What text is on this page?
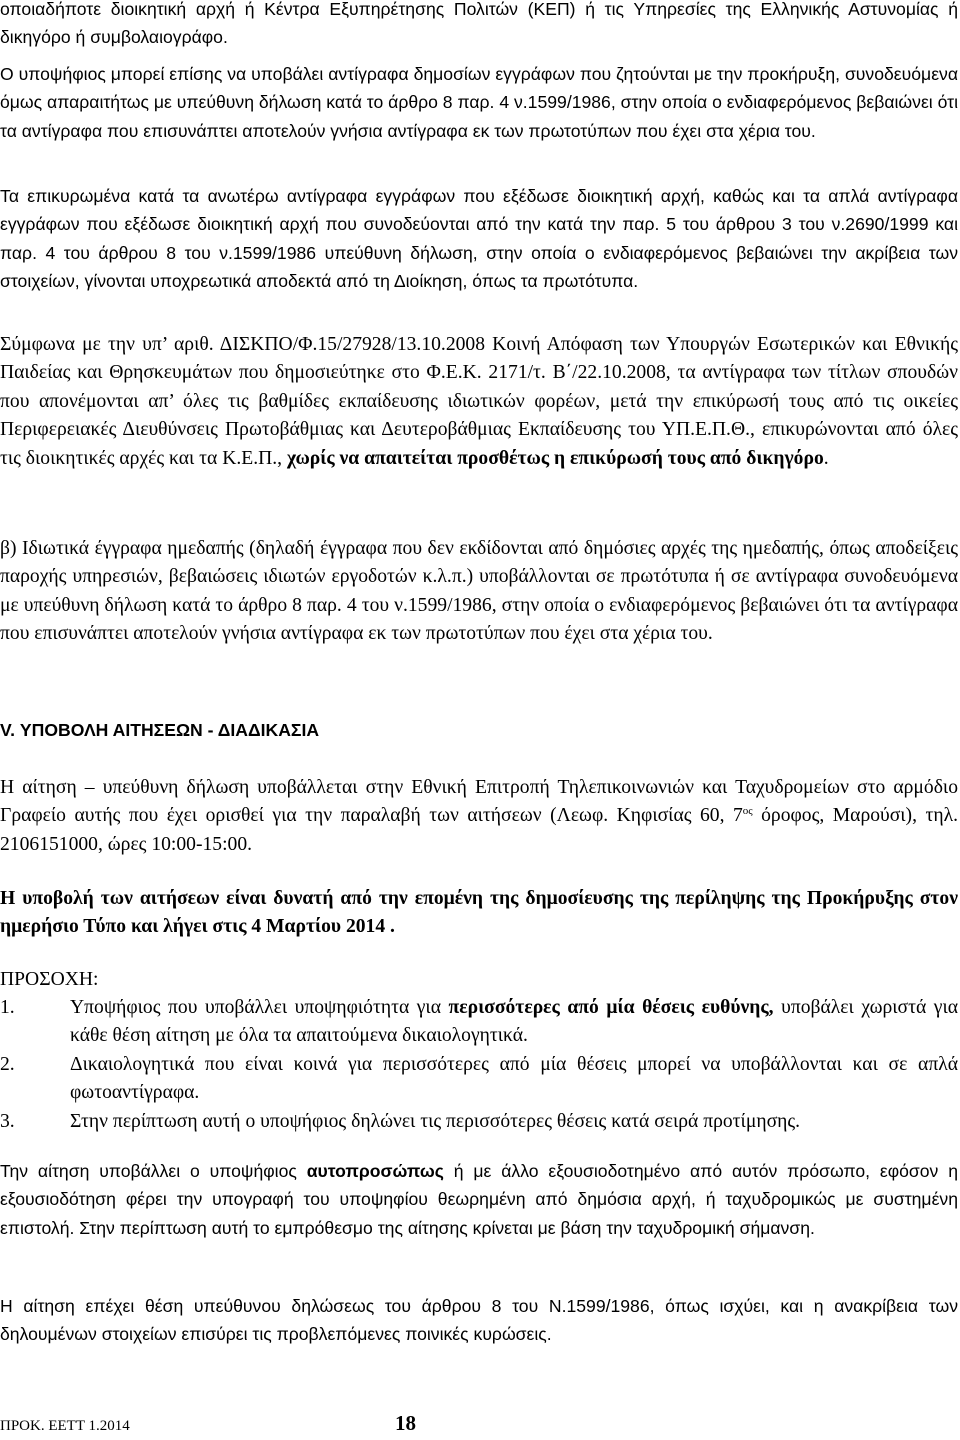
οποιαδήποτε διοικητική αρχή ή Κέντρα Εξυπηρέτησης Πολιτών (ΚΕΠ) ή τις Υπηρεσίες της Ελληνικής Αστυνομίας ή δικηγόρο ή συμβολαιογράφο.
Ο υποψήφιος μπορεί επίσης να υποβάλει αντίγραφα δημοσίων εγγράφων που ζητούνται με την προκήρυξη, συνοδευόμενα όμως απαραιτήτως με υπεύθυνη δήλωση κατά το άρθρο 8 παρ. 4 ν.1599/1986, στην οποία ο ενδιαφερόμενος βεβαιώνει ότι τα αντίγραφα που επισυνάπτει αποτελούν γνήσια αντίγραφα εκ των πρωτοτύπων που έχει στα χέρια του.
Τα επικυρωμένα κατά τα ανωτέρω αντίγραφα εγγράφων που εξέδωσε διοικητική αρχή, καθώς και τα απλά αντίγραφα εγγράφων που εξέδωσε διοικητική αρχή που συνοδεύονται από την κατά την παρ. 5 του άρθρου 3 του ν.2690/1999 και παρ. 4 του άρθρου 8 του ν.1599/1986 υπεύθυνη δήλωση, στην οποία ο ενδιαφερόμενος βεβαιώνει την ακρίβεια των στοιχείων, γίνονται υποχρεωτικά αποδεκτά από τη Διοίκηση, όπως τα πρωτότυπα.
Σύμφωνα με την υπ’ αριθ. ΔΙΣΚΠΟ/Φ.15/27928/13.10.2008 Κοινή Απόφαση των Υπουργών Εσωτερικών και Εθνικής Παιδείας και Θρησκευμάτων που δημοσιεύτηκε στο Φ.Ε.Κ. 2171/τ. Β΄/22.10.2008, τα αντίγραφα των τίτλων σπουδών που απονέμονται απ’ όλες τις βαθμίδες εκπαίδευσης ιδιωτικών φορέων, μετά την επικύρωσή τους από τις οικείες Περιφερειακές Διευθύνσεις Πρωτοβάθμιας και Δευτεροβάθμιας Εκπαίδευσης του ΥΠ.Ε.Π.Θ., επικυρώνονται από όλες τις διοικητικές αρχές και τα Κ.Ε.Π., χωρίς να απαιτείται προσθέτως η επικύρωσή τους από δικηγόρο.
β) Ιδιωτικά έγγραφα ημεδαπής (δηλαδή έγγραφα που δεν εκδίδονται από δημόσιες αρχές της ημεδαπής, όπως αποδείξεις παροχής υπηρεσιών, βεβαιώσεις ιδιωτών εργοδοτών κ.λ.π.) υποβάλλονται σε πρωτότυπα ή σε αντίγραφα συνοδευόμενα με υπεύθυνη δήλωση κατά το άρθρο 8 παρ. 4 του ν.1599/1986, στην οποία ο ενδιαφερόμενος βεβαιώνει ότι τα αντίγραφα που επισυνάπτει αποτελούν γνήσια αντίγραφα εκ των πρωτοτύπων που έχει στα χέρια του.
V. ΥΠΟΒΟΛΗ ΑΙΤΗΣΕΩΝ - ΔΙΑΔΙΚΑΣΙΑ
Η αίτηση – υπεύθυνη δήλωση υποβάλλεται στην Εθνική Επιτροπή Τηλεπικοινωνιών και Ταχυδρομείων στο αρμόδιο Γραφείο αυτής που έχει ορισθεί για την παραλαβή των αιτήσεων (Λεωφ. Κηφισίας 60, $7^{o\varsigma}$ όροφος, Μαρούσι), τηλ. 2106151000, ώρες 10:00-15:00.
Η υποβολή των αιτήσεων είναι δυνατή από την επομένη της δημοσίευσης της περίληψης της Προκήρυξης στον ημερήσιο Τύπο και λήγει στις 4 Μαρτίου 2014 .
ΠΡΟΣΟΧΗ:
1.	Υποψήφιος που υποβάλλει υποψηφιότητα για περισσότερες από μία θέσεις ευθύνης, υποβάλει χωριστά για κάθε θέση αίτηση με όλα τα απαιτούμενα δικαιολογητικά.
2.	Δικαιολογητικά που είναι κοινά για περισσότερες από μία θέσεις μπορεί να υποβάλλονται και σε απλά φωτοαντίγραφα.
3.	Στην περίπτωση αυτή ο υποψήφιος δηλώνει τις περισσότερες θέσεις κατά σειρά προτίμησης.
Την αίτηση υποβάλλει ο υποψήφιος αυτοπροσώπως ή με άλλο εξουσιοδοτημένο από αυτόν πρόσωπο, εφόσον η εξουσιοδότηση φέρει την υπογραφή του υποψηφίου θεωρημένη από δημόσια αρχή, ή ταχυδρομικώς με συστημένη επιστολή. Στην περίπτωση αυτή το εμπρόθεσμο της αίτησης κρίνεται με βάση την ταχυδρομική σήμανση.
Η αίτηση επέχει θέση υπεύθυνου δηλώσεως του άρθρου 8 του Ν.1599/1986, όπως ισχύει, και η ανακρίβεια των δηλουμένων στοιχείων επισύρει τις προβλεπόμενες ποινικές κυρώσεις.
ΠΡΟΚ. ΕΕΤΤ 1.2014	18
